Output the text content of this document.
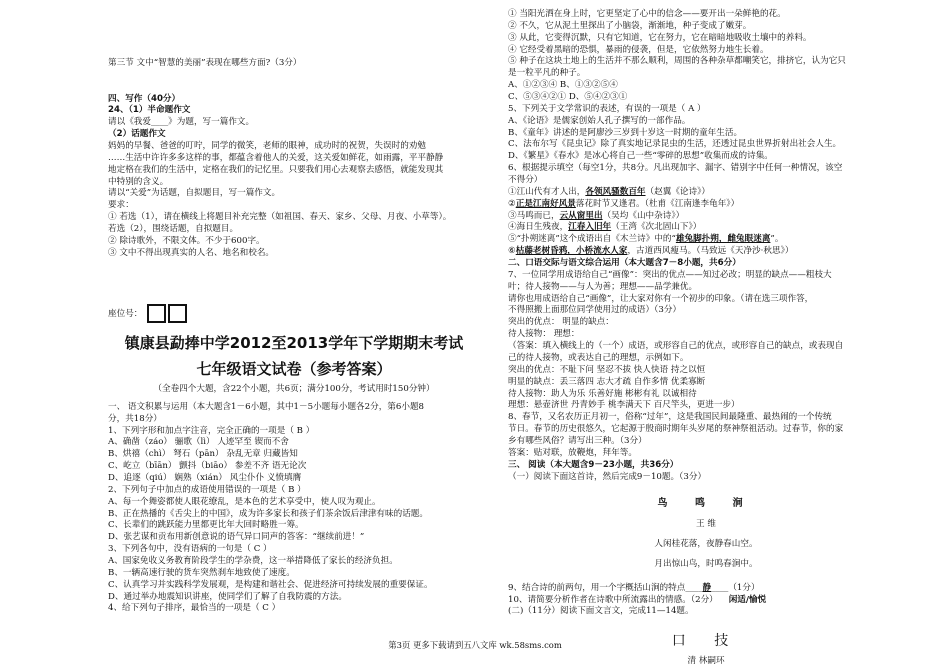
第三节 文中“智慧的美丽”表现在哪些方面?（3分）

四、写作（40分）

24、（1）半命题作文

请以《我爱____》为题，写一篇作文。

（2）话题作文

妈妈的早餐、爸爸的叮咛，同学的微笑，老师的眼神，成功时的祝贺，失误时的劝勉

……生活中许许多多这样的事，都蕴含着他人的关爱，这关爱如鲜花，如雨露，平平静静

地定格在我们的生活中，定格在我们的记忆里。只要我们用心去观察去感悟，就能发现其

中特别的含义。

请以“关爱”为话题，自拟题目，写一篇作文。

要求：

① 若选（1），请在横线上将题目补充完整（如祖国、春天、家乡、父母、月夜、小草等）。

若选（2），围绕话题，自拟题目。

② 除诗歌外，不限文体。不少于600字。

③ 文中不得出现真实的人名、地名和校名。

座位号：

镇康县勐捧中学2012至2013学年下学期期末考试

七年级语文试卷（参考答案）

（全卷四个大题，含22个小题，共6页；满分100分，考试用时150分钟）

一、 语文积累与运用（本大题含1－6小题，其中1－5小题每小题各2分，第6小题8

分，共18分）

1、下列字形和加点字注音，完全正确的一项是（ B ）

A、确凿（záo） 骊歌（lì） 人迹罕至 锲而不舍

B、烘禧（chì） 弩石（pān） 杂乱无章 归藏皆知

C、屹立（bīān） 颤抖（biāo） 参差不齐 语无论次

D、追逐（qiú） 娴熟（xián） 风尘仆仆 义愤填膺

2、下列句子中加点的成语使用错误的一项是（ B ）

A、每一个舞姿都使人眼花缭乱，是本色的艺术享受中，使人叹为观止。

B、正在热播的《舌尖上的中国》，成为许多家长和孩子们茶余饭后津津有味的话题。

C、长辈们的跳跃能力里都更比年大回时略胜一筹。

D、张艺谋和贡布用新创意说的语气异口同声的答客：“继续前进！”

3、下列各句中，没有语病的一句是（ C ）

A、国家免收义务教育阶段学生的学杂费，这一举措降低了家长的经济负担。

B、一辆高速行驶的货车突然刹车地致使了速度。

C、认真学习并实践科学发展观，是构建和谐社会、促进经济可持续发展的重要保证。

D、通过举办地震知识讲座，使同学们了解了自我防震的方法。

4、给下列句子排序，最恰当的一项是（ C ）

① 当阳光洒在身上时，它更坚定了心中的信念——要开出一朵鲜艳的花。

② 不久，它从泥土里探出了小脑袋，渐渐地，种子变成了嫩芽。

③ 从此，它变得沉默，只有它知道，它在努力，它在暗暗地吸收土壤中的养料。

④ 它经受着黑暗的恐惧，暴雨的侵袭，但是，它依然努力地生长着。

⑤ 种子在这块土地上的生活并不那么顺利，周围的各种杂草都嘲笑它，排挤它，认为它只

是一粒平凡的种子。

A、①②③④ B、①③②⑤④

C、⑤③④②① D、⑤④②③①

5、下列关于文学常识的表述，有误的一项是（ A ）

A、《论语》是儒家创始人孔子撰写的一部作品。

B、《童年》讲述的是阿廖沙三岁到十岁这一时期的童年生活。

C、法布尔写《昆虫记》除了真实地记录昆虫的生活，还透过昆虫世界折射出社会人生。

D、《繁星》《春水》是冰心将自己一些“零碎的思想”收集而成的诗集。

6、根据提示填空（每空1分，共8分。凡出现加字、漏字、错别字中任何一种情况，该空

不得分）

①江山代有才人出，各领风骚数百年（赵翼《论诗》）

②正是江南好风景落花时节又逢君。（杜甫《江南逢李龟年》）

③马鸣而已，云从窗里出（吴均《山中杂诗》）

④海日生残夜，江春入旧年（王湾《次北固山下》）

⑤“扑朔迷离”这个成语出自《木兰诗》中的“雄兔脚扑朔，雌兔眼迷离”。

⑥枯藤老树昏鸦，小桥流水人家，古道西风瘦马。（马致远《天净沙·秋思》）

二、口语交际与语文综合运用（本大题含7－8小题，共6分）

7、一位同学用成语给自己“画像”：突出的优点——知过必改；明显的缺点——粗枝大

叶；待人接物——与人为善；理想——品学兼优。

请你也用成语给自己“画像”，让大家对你有一个初步的印象。（请在选三项作答，

不得照搬上面那位同学使用过的成语）（3分）

突出的优点： 明显的缺点：

待人接物： 理想：

（答案：填入横线上的（一个）成语，或形容自己的优点，或形容自己的缺点，或表现自

己的待人接物，或表达自己的理想，示例如下。

突出的优点：不耻下问 坚忍不拔 快人快语 持之以恒

明显的缺点：丢三落四 志大才疏 自作多情 优柔寡断

待人接物：助人为乐 乐善好施 彬彬有礼 以诚相待

理想：悬壶济世 丹青妙手 桃李满天下 百尺竿头，更进一步）

8、春节，又名农历正月初一，俗称“过年”，这是我国民间最隆重、最热闹的一个传统

节日。春节的历史很悠久，它起源于殷商时期年头岁尾的祭神祭祖活动。过春节，你的家

乡有哪些风俗？请写出三种。（3分）

答案：贴对联，放鞭炮，拜年等。

三、 阅读（本大题含9－23小题，共36分）

（一）阅读下面这首诗，然后完成9－10题。（3分）

鸟 鸣 涧

王 维

人闲桂花落，夜静春山空。

月出惊山鸟，时鸣春涧中。

9、结合诗的前两句，用一个字概括山涧的特点____静____（1分）

10、请简要分析作者在诗歌中所流露出的情感。（2分） 闲适/愉悦

(二)（11分）阅读下面文言文，完成11—14题。

口 技

清 林嗣环

第3页 更多下载请到五八文库 wk.58sms.com
